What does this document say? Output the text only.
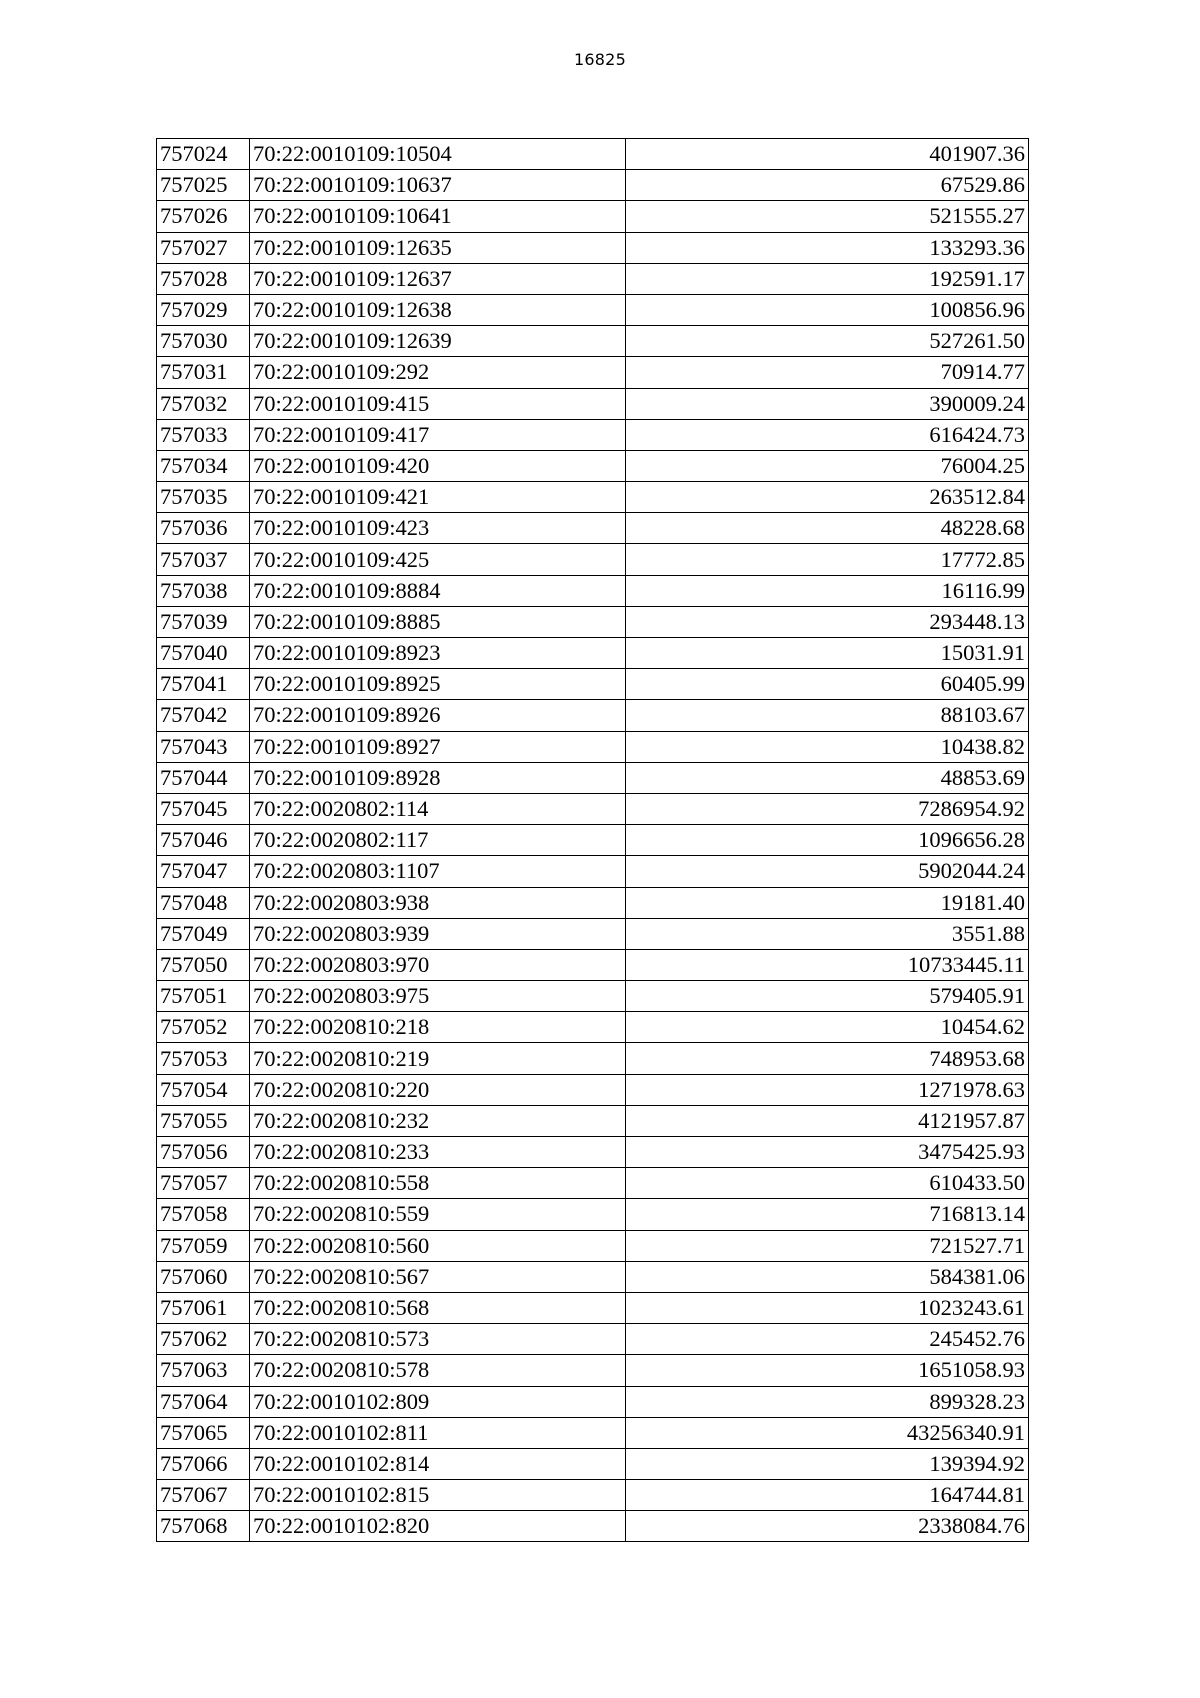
16825
757024	70:22:0010109:10504	401907.36
757025	70:22:0010109:10637	67529.86
757026	70:22:0010109:10641	521555.27
757027	70:22:0010109:12635	133293.36
757028	70:22:0010109:12637	192591.17
757029	70:22:0010109:12638	100856.96
757030	70:22:0010109:12639	527261.50
757031	70:22:0010109:292	70914.77
757032	70:22:0010109:415	390009.24
757033	70:22:0010109:417	616424.73
757034	70:22:0010109:420	76004.25
757035	70:22:0010109:421	263512.84
757036	70:22:0010109:423	48228.68
757037	70:22:0010109:425	17772.85
757038	70:22:0010109:8884	16116.99
757039	70:22:0010109:8885	293448.13
757040	70:22:0010109:8923	15031.91
757041	70:22:0010109:8925	60405.99
757042	70:22:0010109:8926	88103.67
757043	70:22:0010109:8927	10438.82
757044	70:22:0010109:8928	48853.69
757045	70:22:0020802:114	7286954.92
757046	70:22:0020802:117	1096656.28
757047	70:22:0020803:1107	5902044.24
757048	70:22:0020803:938	19181.40
757049	70:22:0020803:939	3551.88
757050	70:22:0020803:970	10733445.11
757051	70:22:0020803:975	579405.91
757052	70:22:0020810:218	10454.62
757053	70:22:0020810:219	748953.68
757054	70:22:0020810:220	1271978.63
757055	70:22:0020810:232	4121957.87
757056	70:22:0020810:233	3475425.93
757057	70:22:0020810:558	610433.50
757058	70:22:0020810:559	716813.14
757059	70:22:0020810:560	721527.71
757060	70:22:0020810:567	584381.06
757061	70:22:0020810:568	1023243.61
757062	70:22:0020810:573	245452.76
757063	70:22:0020810:578	1651058.93
757064	70:22:0010102:809	899328.23
757065	70:22:0010102:811	43256340.91
757066	70:22:0010102:814	139394.92
757067	70:22:0010102:815	164744.81
757068	70:22:0010102:820	2338084.76
